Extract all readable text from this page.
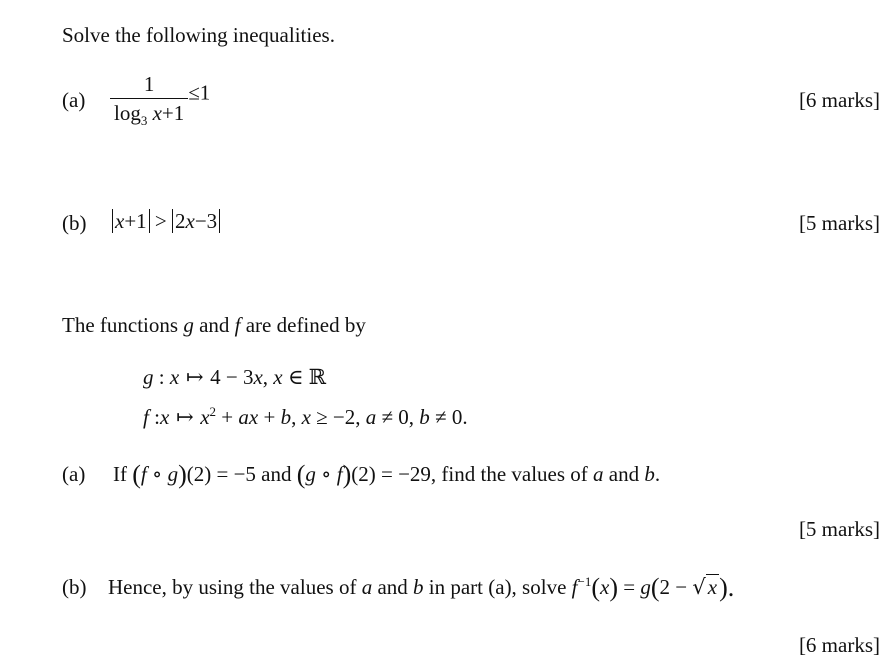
Solve the following inequalities.
$(a) \frac{1}{\log_3 x+1} \le 1$	[6 marks]
(b) x+1 > 2x−3	[5 marks]
The functions g and f are defined by
g : x ↦ 4 − 3x, x ∈ ℝ
f :x ↦ $x^2$ + ax + b, x ≥ −2, a ≠ 0, b ≠ 0.
(a) If (f ∘ g)(2) = −5 and (g ∘ f)(2) = −29, find the values of a and b.
[5 marks]
(b) Hence, by using the values of a and b in part (a), solve $f^{-1}(x) = g(2 - √x)$.
[6 marks]
